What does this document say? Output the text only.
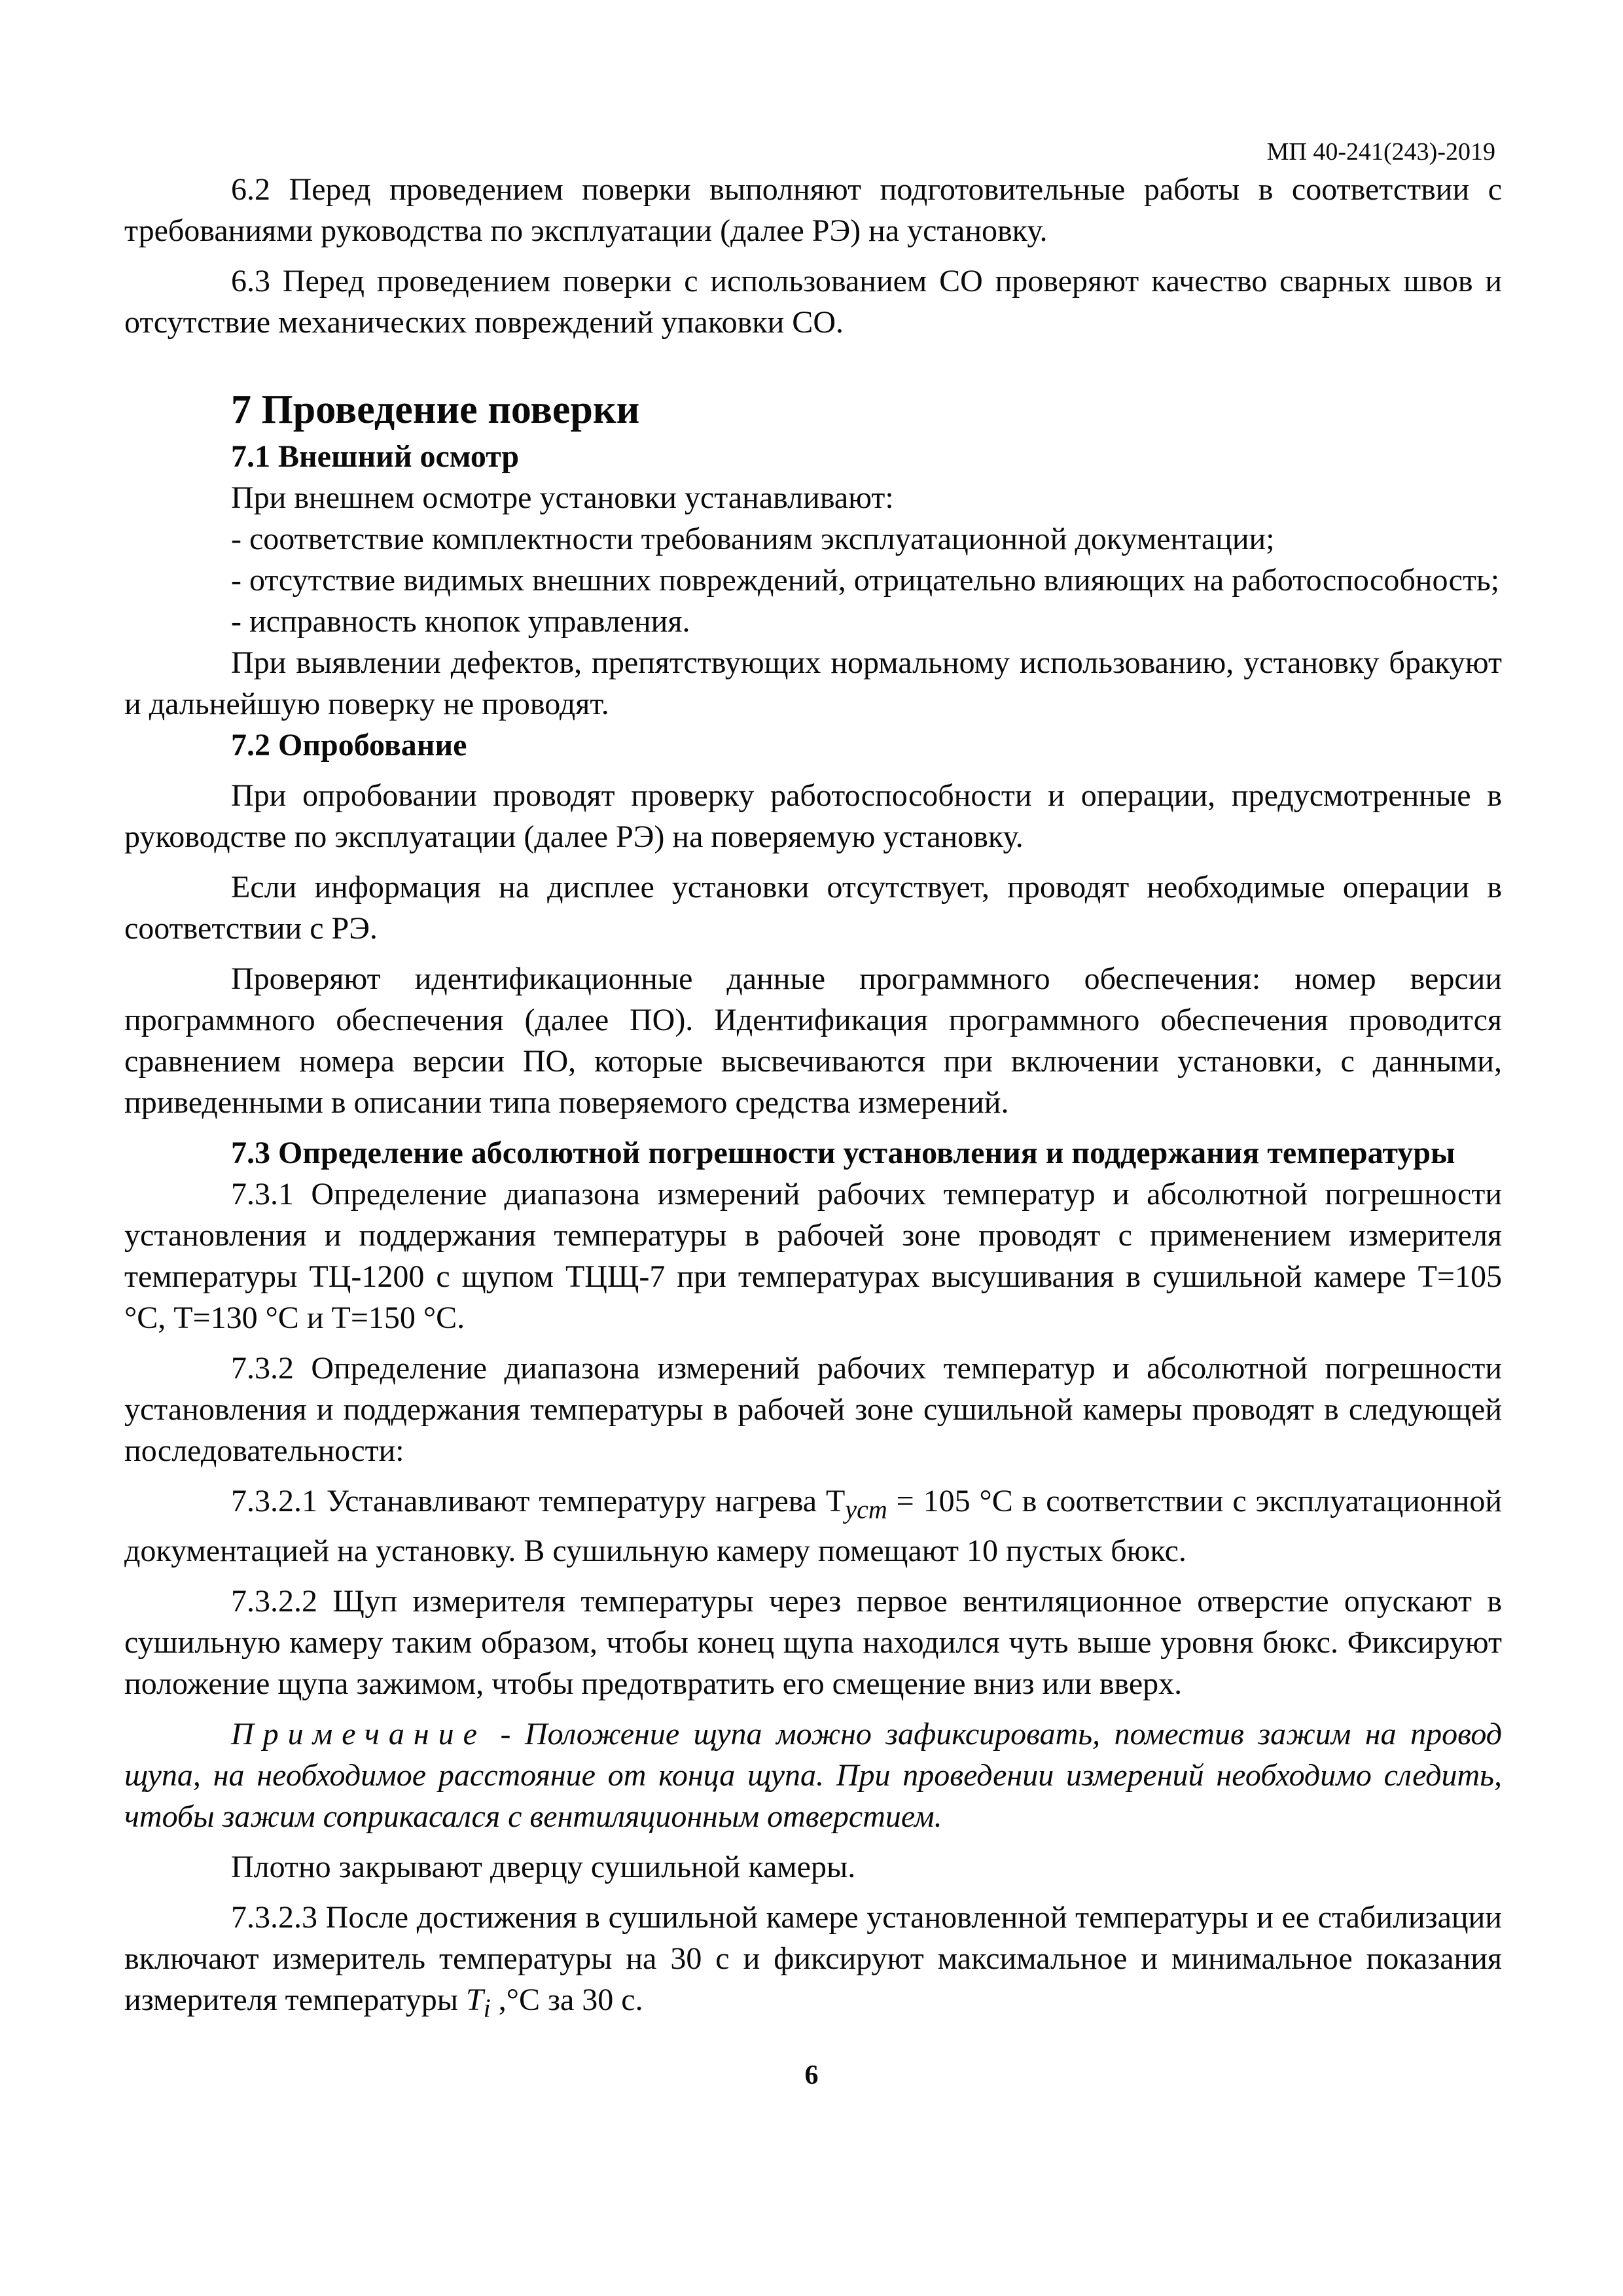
МП 40-241(243)-2019

6.2 Перед проведением поверки выполняют подготовительные работы в соответствии с требованиями руководства по эксплуатации (далее РЭ) на установку.

6.3 Перед проведением поверки с использованием СО проверяют качество сварных швов и отсутствие механических повреждений упаковки СО.

7 Проведение поверки
7.1 Внешний осмотр

При внешнем осмотре установки устанавливают:

- соответствие комплектности требованиям эксплуатационной документации;

- отсутствие видимых внешних повреждений, отрицательно влияющих на работоспособность;

- исправность кнопок управления.

При выявлении дефектов, препятствующих нормальному использованию, установку бракуют и дальнейшую поверку не проводят.

7.2 Опробование

При опробовании проводят проверку работоспособности и операции, предусмотренные в руководстве по эксплуатации (далее РЭ) на поверяемую установку.

Если информация на дисплее установки отсутствует, проводят необходимые операции в соответствии с РЭ.

Проверяют идентификационные данные программного обеспечения: номер версии программного обеспечения (далее ПО). Идентификация программного обеспечения проводится сравнением номера версии ПО, которые высвечиваются при включении установки, с данными, приведенными в описании типа поверяемого средства измерений.

7.3 Определение абсолютной погрешности установления и поддержания температуры

7.3.1 Определение диапазона измерений рабочих температур и абсолютной погрешности установления и поддержания температуры в рабочей зоне проводят с применением измерителя температуры ТЦ-1200 с щупом ТЦЩ-7 при температурах высушивания в сушильной камере Т=105 °С, Т=130 °С и Т=150 °С.

7.3.2 Определение диапазона измерений рабочих температур и абсолютной погрешности установления и поддержания температуры в рабочей зоне сушильной камеры проводят в следующей последовательности:

7.3.2.1 Устанавливают температуру нагрева $Т_{уст} = 105$ °С в соответствии с эксплуатационной документацией на установку. В сушильную камеру помещают 10 пустых бюкс.

7.3.2.2 Щуп измерителя температуры через первое вентиляционное отверстие опускают в сушильную камеру таким образом, чтобы конец щупа находился чуть выше уровня бюкс. Фиксируют положение щупа зажимом, чтобы предотвратить его смещение вниз или вверх.

Примечание - Положение щупа можно зафиксировать, поместив зажим на провод щупа, на необходимое расстояние от конца щупа. При проведении измерений необходимо следить, чтобы зажим соприкасался с вентиляционным отверстием.

Плотно закрывают дверцу сушильной камеры.

7.3.2.3 После достижения в сушильной камере установленной температуры и ее стабилизации включают измеритель температуры на 30 с и фиксируют максимальное и минимальное показания измерителя температуры $T_i$ ,°С за 30 с.

6
